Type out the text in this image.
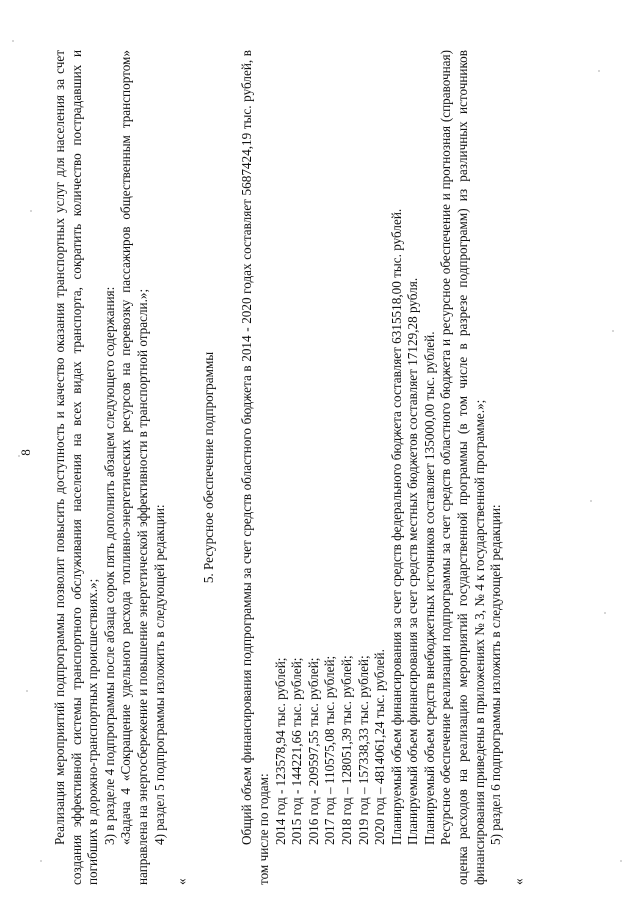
8 Реализация мероприятий подпрограммы позволит повысить доступность и качество оказания транспортных услуг для населения за счет создания эффективной системы транспортного обслуживания населения на всех видах транспорта, сократить количество пострадавших и погибших в дорожно-транспортных происшествиях.»; 3) в разделе 4 подпрограммы после абзаца сорок пять дополнить абзацем следующего содержания: «Задача 4 «Сокращение удельного расхода топливно-энергетических ресурсов на перевозку пассажиров общественным транспортом» направлена на энергосбережение и повышение энергетической эффективности в транспортной отрасли.»; 4) раздел 5 подпрограммы изложить в следующей редакции:

«
5. Ресурсное обеспечение подпрограммы Общий объем финансирования подпрограммы за счет средств областного бюджета в 2014 - 2020 годах составляет 5687424,19 тыс. рублей, в том числе по годам: 2014 год - 123578,94 тыс. рублей; 2015 год - 144221,66 тыс. рублей; 2016 год - 209597,55 тыс. рублей; 2017 год – 110575,08 тыс. рублей; 2018 год – 128051,39 тыс. рублей; 2019 год – 157338,33 тыс. рублей; 2020 год – 4814061,24 тыс. рублей. Планируемый объем финансирования за счет средств федерального бюджета составляет 6315518,00 тыс. рублей. Планируемый объем финансирования за счет средств местных бюджетов составляет 17129,28 рубля. Планируемый объем средств внебюджетных источников составляет 135000,00 тыс. рублей. Ресурсное обеспечение реализации подпрограммы за счет средств областного бюджета и ресурсное обеспечение и прогнозная (справочная) оценка расходов на реализацию мероприятий государственной программы (в том числе в разрезе подпрограмм) из различных источников финансирования приведены в приложениях № 3, № 4 к государственной программе.»; 5) раздел 6 подпрограммы изложить в следующей редакции:

«
